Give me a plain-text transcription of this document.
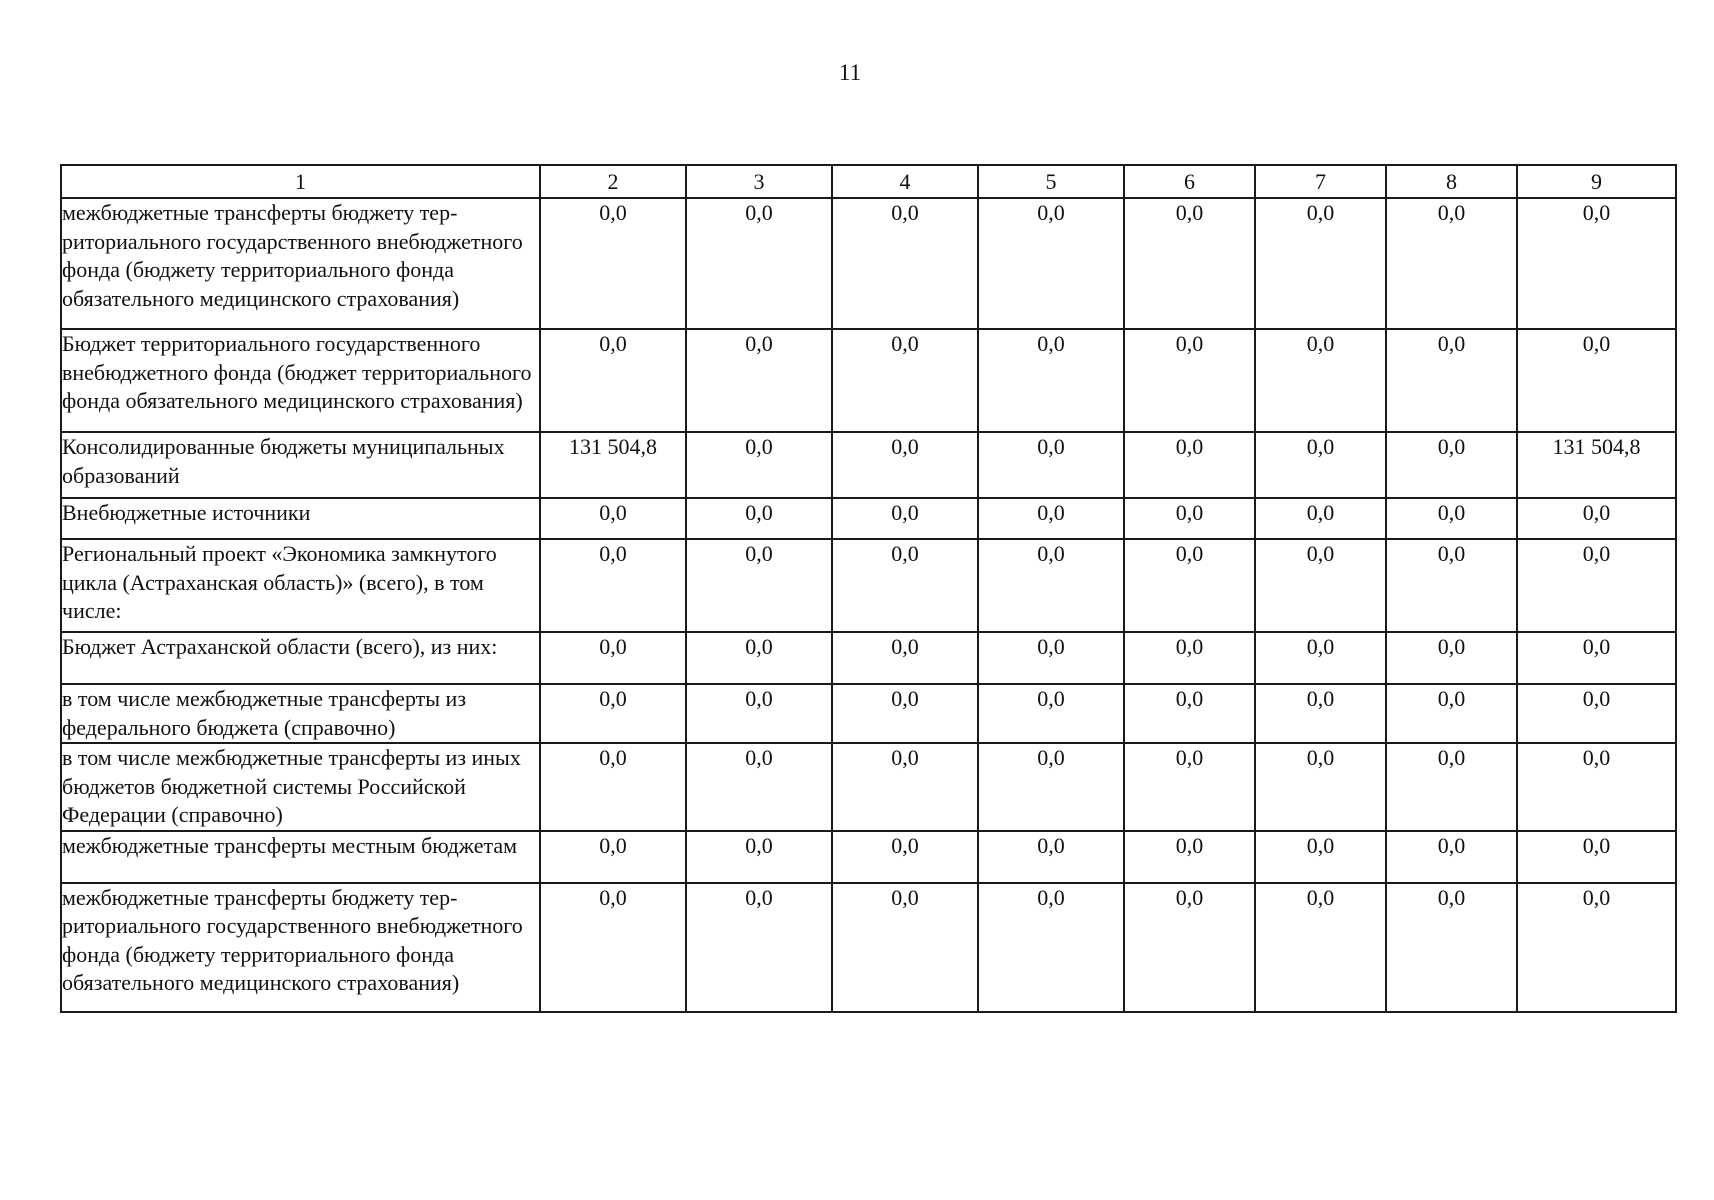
11
1	2	3	4	5	6	7	8	9
межбюджетные трансферты бюджету территориального государственного внебюджетного фонда (бюджету территориального фонда обязательного медицинского страхования)	0,0	0,0	0,0	0,0	0,0	0,0	0,0	0,0
Бюджет территориального государственного внебюджетного фонда (бюджет территориального фонда обязательного медицинского страхования)	0,0	0,0	0,0	0,0	0,0	0,0	0,0	0,0
Консолидированные бюджеты муниципальных образований	131 504,8	0,0	0,0	0,0	0,0	0,0	0,0	131 504,8
Внебюджетные источники	0,0	0,0	0,0	0,0	0,0	0,0	0,0	0,0
Региональный проект «Экономика замкнутого цикла (Астраханская область)» (всего), в том числе:	0,0	0,0	0,0	0,0	0,0	0,0	0,0	0,0
Бюджет Астраханской области (всего), из них:	0,0	0,0	0,0	0,0	0,0	0,0	0,0	0,0
в том числе межбюджетные трансферты из федерального бюджета (справочно)	0,0	0,0	0,0	0,0	0,0	0,0	0,0	0,0
в том числе межбюджетные трансферты из иных бюджетов бюджетной системы Российской Федерации (справочно)	0,0	0,0	0,0	0,0	0,0	0,0	0,0	0,0
межбюджетные трансферты местным бюджетам	0,0	0,0	0,0	0,0	0,0	0,0	0,0	0,0
межбюджетные трансферты бюджету территориального государственного внебюджетного фонда (бюджету территориального фонда обязательного медицинского страхования)	0,0	0,0	0,0	0,0	0,0	0,0	0,0	0,0
